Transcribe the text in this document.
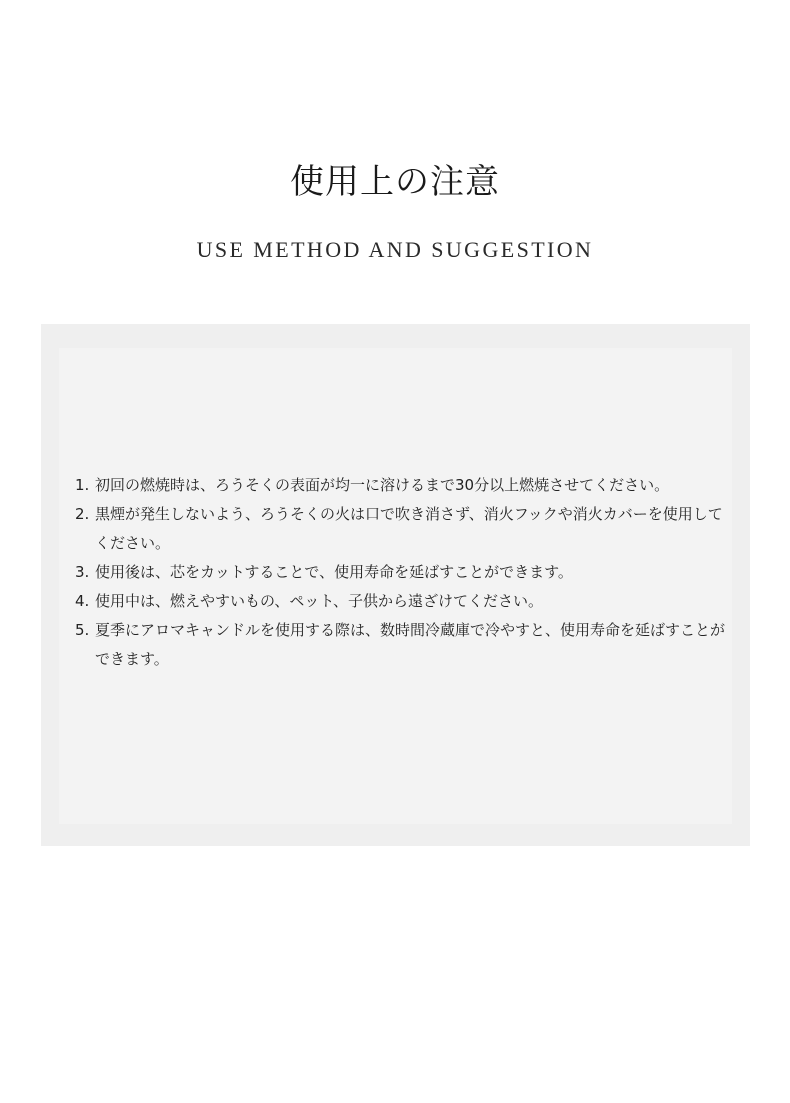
使用上の注意
USE METHOD AND SUGGESTION
1. 初回の燃焼時は、ろうそくの表面が均一に溶けるまで30分以上燃焼させてください。
2. 黒煙が発生しないよう、ろうそくの火は口で吹き消さず、消火フックや消火カバーを使用してください。
3. 使用後は、芯をカットすることで、使用寿命を延ばすことができます。
4. 使用中は、燃えやすいもの、ペット、子供から遠ざけてください。
5. 夏季にアロマキャンドルを使用する際は、数時間冷蔵庫で冷やすと、使用寿命を延ばすことができます。
